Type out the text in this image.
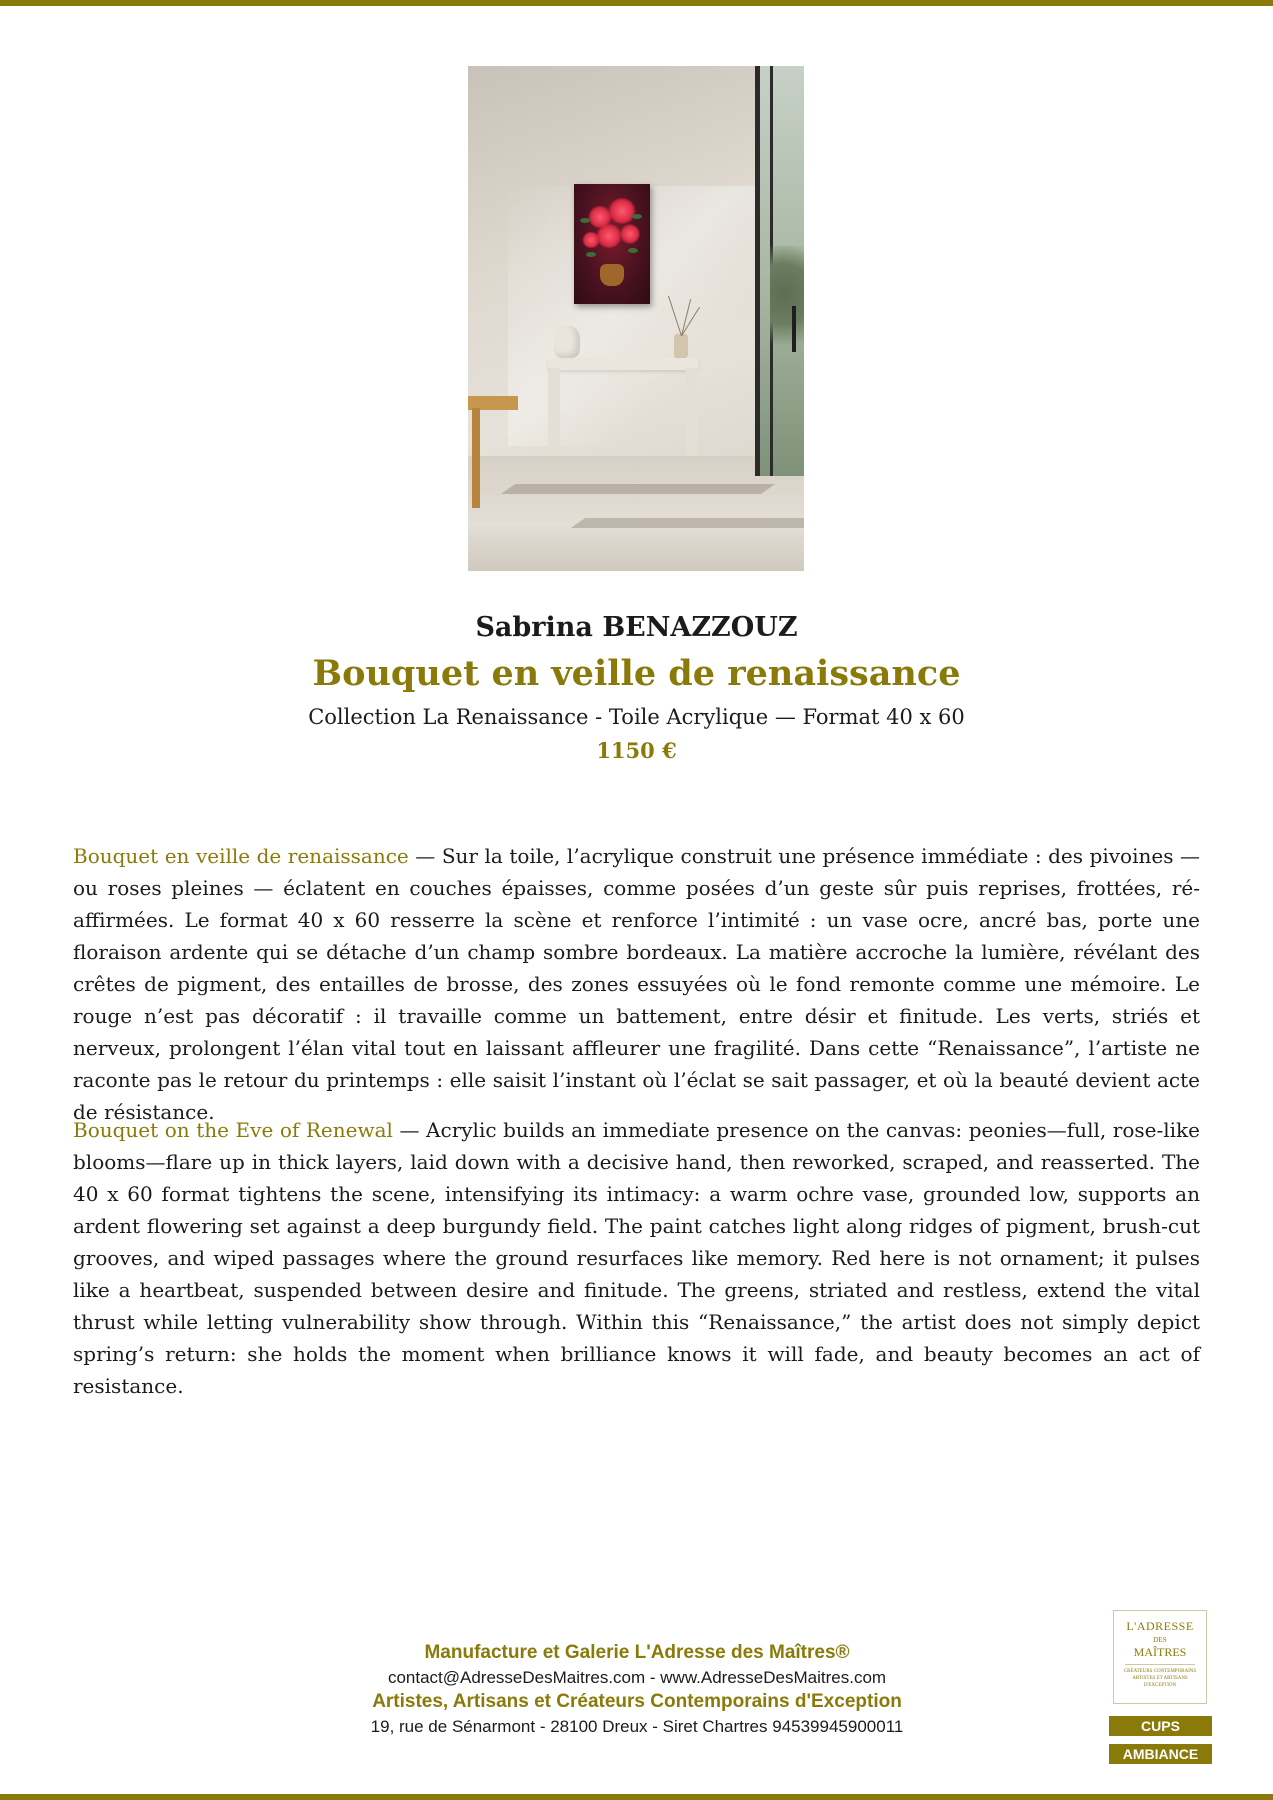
Sabrina BENAZZOUZ
Bouquet en veille de renaissance
Collection La Renaissance - Toile Acrylique — Format 40 x 60
1150 €

Bouquet en veille de renaissance — Sur la toile, l’acrylique construit une présence immédiate : des pivoines — ou roses pleines — éclatent en couches épaisses, comme posées d’un geste sûr puis reprises, frottées, ré-affirmées. Le format 40 x 60 resserre la scène et renforce l’intimité : un vase ocre, ancré bas, porte une floraison ardente qui se détache d’un champ sombre bordeaux. La matière accroche la lumière, révélant des crêtes de pigment, des entailles de brosse, des zones essuyées où le fond remonte comme une mémoire. Le rouge n’est pas décoratif : il travaille comme un battement, entre désir et finitude. Les verts, striés et nerveux, prolongent l’élan vital tout en laissant affleurer une fragilité. Dans cette “Renaissance”, l’artiste ne raconte pas le retour du printemps : elle saisit l’instant où l’éclat se sait passager, et où la beauté devient acte de résistance.

Bouquet on the Eve of Renewal — Acrylic builds an immediate presence on the canvas: peonies—full, rose-like blooms—flare up in thick layers, laid down with a decisive hand, then reworked, scraped, and reasserted. The 40 x 60 format tightens the scene, intensifying its intimacy: a warm ochre vase, grounded low, supports an ardent flowering set against a deep burgundy field. The paint catches light along ridges of pigment, brush-cut grooves, and wiped passages where the ground resurfaces like memory. Red here is not ornament; it pulses like a heartbeat, suspended between desire and finitude. The greens, striated and restless, extend the vital thrust while letting vulnerability show through. Within this “Renaissance,” the artist does not simply depict spring’s return: she holds the moment when brilliance knows it will fade, and beauty becomes an act of resistance.

Manufacture et Galerie L'Adresse des Maîtres®
contact@AdresseDesMaitres.com - www.AdresseDesMaitres.com
Artistes, Artisans et Créateurs Contemporains d'Exception
19, rue de Sénarmont - 28100 Dreux - Siret Chartres 94539945900011
L'ADRESSE
DES
MAÎTRES
CRÉATEURS CONTEMPORAINS ARTISTES ET ARTISANS D'EXCEPTION
CUPS
AMBIANCE
